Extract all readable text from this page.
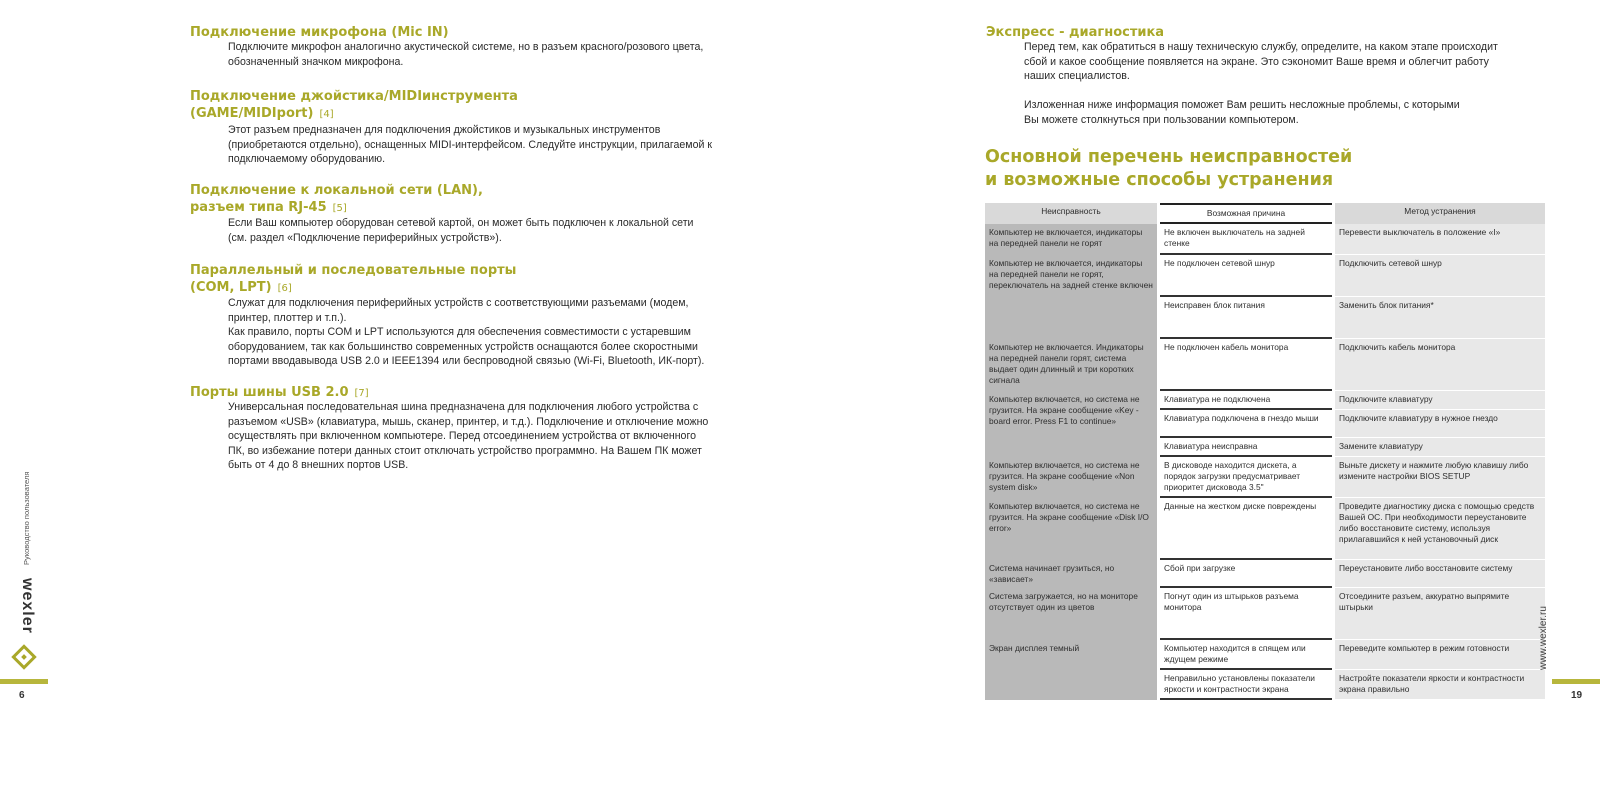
Подключение микрофона (Mic IN)
Подключите микрофон аналогично акустической системе, но в разъем красного/розового цвета,
обозначенный значком микрофона.
Подключение джойстика/MIDIинструмента
(GAME/MIDIport) [4]
Этот разъем предназначен для подключения джойстиков и музыкальных инструментов
(приобретаются отдельно), оснащенных MIDI-интерфейсом. Следуйте инструкции, прилагаемой к
подключаемому оборудованию.
Подключение к локальной сети (LAN),
разъем типа RJ-45 [5]
Если Ваш компьютер оборудован сетевой картой, он может быть подключен к локальной сети
(см. раздел «Подключение периферийных устройств»).
Параллельный и последовательные порты
(COM, LPT) [6]
Служат для подключения периферийных устройств с соответствующими разъемами (модем,
принтер, плоттер и т.п.).
Как правило, порты COM и LPT используются для обеспечения совместимости с устаревшим
оборудованием, так как большинство современных устройств оснащаются более скоростными
портами вводавывода USB 2.0 и IEEE1394 или беспроводной связью (Wi-Fi, Bluetooth, ИК-порт).
Порты шины USB 2.0 [7]
Универсальная последовательная шина предназначена для подключения любого устройства с
разъемом «USB» (клавиатура, мышь, сканер, принтер, и т.д.). Подключение и отключение можно
осуществлять при включенном компьютере. Перед отсоединением устройства от включенного
ПК, во избежание потери данных стоит отключать устройство программно. На Вашем ПК может
быть от 4 до 8 внешних портов USB.
Руководство пользователя
wexler
6
Экспресс - диагностика
Перед тем, как обратиться в нашу техническую службу, определите, на каком этапе происходит
сбой и какое сообщение появляется на экране. Это сэкономит Ваше время и облегчит работу
наших специалистов.
Изложенная ниже информация поможет Вам решить несложные проблемы, с которыми
Вы можете столкнуться при пользовании компьютером.
Основной перечень неисправностей
и возможные способы устранения
Неисправность	Возможная причина	Метод устранения
Компьютер не включается, индикаторы на передней панели не горят	Не включен выключатель на задней стенке	Перевести выключатель в положение «I»
Компьютер не включается, индикаторы на передней панели не горят, переключатель на задней стенке включен	Не подключен сетевой шнур	Подключить сетевой шнур
	Неисправен блок питания	Заменить блок питания*
Компьютер не включается. Индикаторы на передней панели горят, система выдает один длинный и три коротких сигнала	Не подключен кабель монитора	Подключить кабель монитора
Компьютер включается, но система не грузится. На экране сообщение «Key - board error. Press F1 to continue»	Клавиатура не подключена	Подключите клавиатуру
	Клавиатура подключена в гнездо мыши	Подключите клавиатуру в нужное гнездо
	Клавиатура неисправна	Замените клавиатуру
Компьютер включается, но система не грузится. На экране сообщение «Non system disk»	В дисководе находится дискета, а порядок загрузки предусматривает приоритет дисковода 3.5"	Выньте дискету и нажмите любую клавишу либо измените настройки BIOS SETUP
Компьютер включается, но система не грузится. На экране сообщение «Disk I/O error»	Данные на жестком диске повреждены	Проведите диагностику диска с помощью средств Вашей ОС. При необходимости переустановите либо восстановите систему, используя прилагавшийся к ней установочный диск
Система начинает грузиться, но «зависает»	Сбой при загрузке	Переустановите либо восстановите систему
Система загружается, но на мониторе отсутствует один из цветов	Погнут один из штырьков разъема монитора	Отсоедините разъем, аккуратно выпрямите штырьки
Экран дисплея темный	Компьютер находится в спящем или ждущем режиме	Переведите компьютер в режим готовности
	Неправильно установлены показатели яркости и контрастности экрана	Настройте показатели яркости и контрастности экрана правильно
www.wexler.ru
19
